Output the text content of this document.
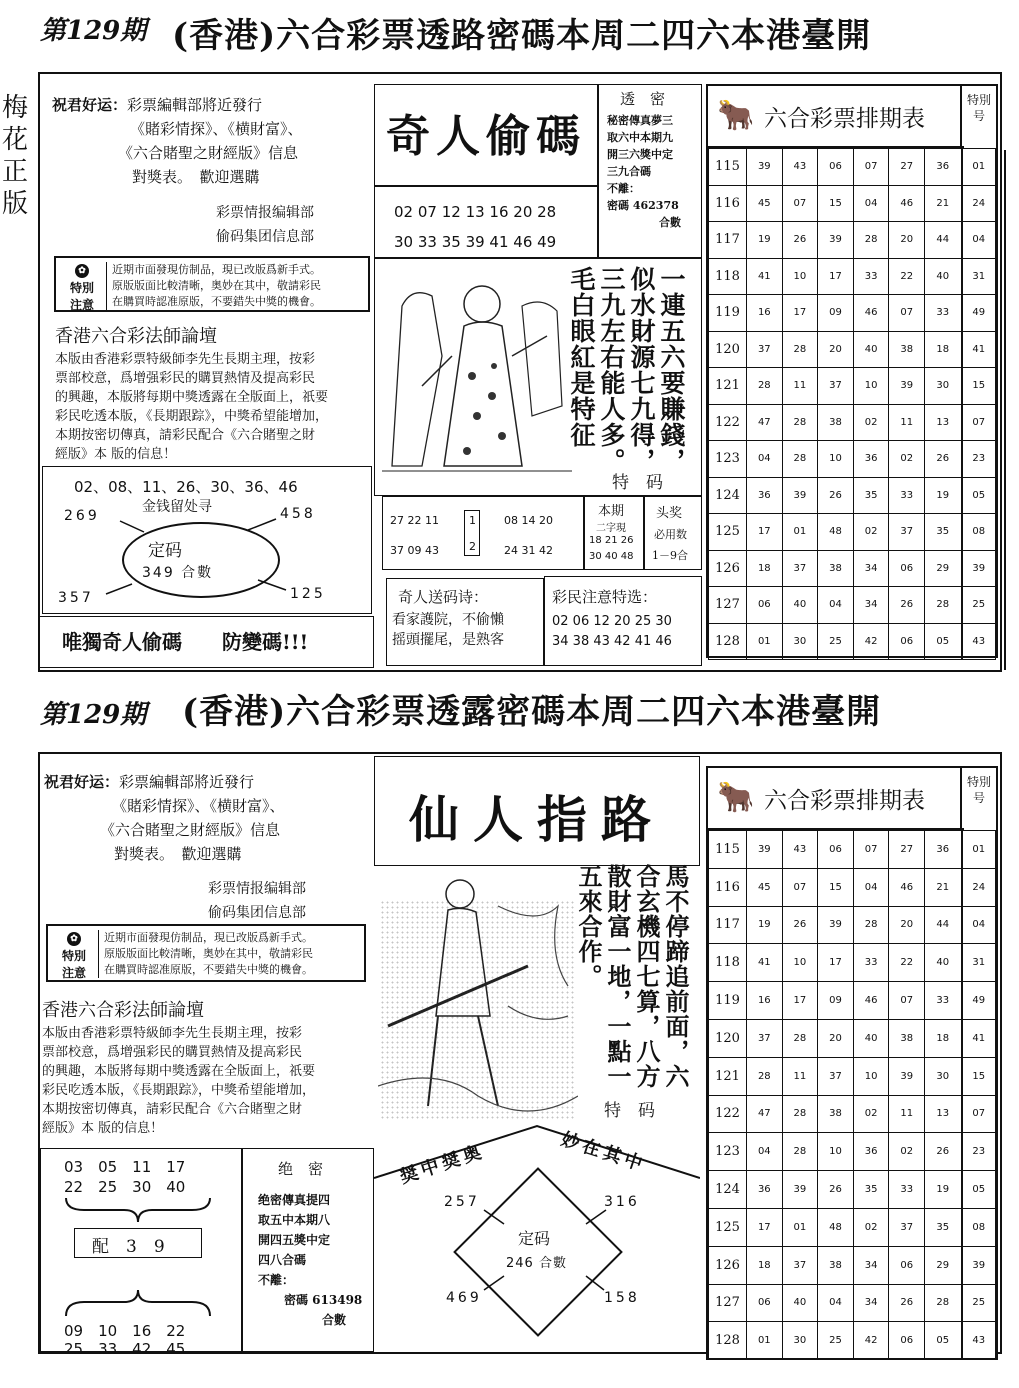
第129期 (香港)六合彩票透路密碼本周二四六本港臺開
梅
花
正
版
祝君好运：彩票編輯部將近發行
《賭彩情探》、《横財富》、
《六合賭聖之財經版》信息
對獎表。　歡迎選購
彩票情报编辑部
偷码集团信息部
✿
特別
注意
近期市面發現仿制品，現已改版爲新手式。
原版版面比較清晰，奥妙在其中，敬請彩民
在購買時認准原版，不要錯失中獎的機會。
香港六合彩法師論壇

本版由香港彩票特級師李先生長期主理，按彩
票部校意，爲增强彩民的購買熱情及提高彩民
的興趣，本版將每期中獎透露在全版面上，祇要
彩民吃透本版，《長期跟踪》，中獎希望能增加，
本期按密切傳真，請彩民配合《六合賭聖之財
經版》本 版的信息！

02、08、11、26、30、36、46
金钱留处寻
定码
349 合數
269	458
357	125
唯獨奇人偷碼　　防變碼!!!
奇人偷碼
02 07 12 13 16 20 28
30 33 35 39 41 46 49
透　密
秘密傳真夢三
取六中本期九
開三六獎中定
三九合碼
不離：
密碼 462378
合數
一連五六要賺錢，似水財源七九得，三九左右能人多。毛白眼紅是特征
特　码
27 22 11
37 09 43
1
2
08 14 20
24 31 42
本期
二字現
18 21 26
30 40 48
头奖
必用数
1－9合
奇人送码诗：
看家護院，不偷懶
摇頭擺尾，是熟客
彩民注意特选：
02 06 12 20 25 30
34 38 43 42 41 46
🐂 六合彩票排期表
特別号
115	39	43	06	07	27	36	01
116	45	07	15	04	46	21	24
117	19	26	39	28	20	44	04
118	41	10	17	33	22	40	31
119	16	17	09	46	07	33	49
120	37	28	20	40	38	18	41
121	28	11	37	10	39	30	15
122	47	28	38	02	11	13	07
123	04	28	10	36	02	26	23
124	36	39	26	35	33	19	05
125	17	01	48	02	37	35	08
126	18	37	38	34	06	29	39
127	06	40	04	34	26	28	25
128	01	30	25	42	06	05	43
第129期 (香港)六合彩票透露密碼本周二四六本港臺開
祝君好运：彩票編輯部將近發行
《賭彩情探》、《横財富》、
《六合賭聖之財經版》信息
對獎表。　歡迎選購
彩票情报编辑部
偷码集团信息部
✿
特別
注意
近期市面發現仿制品，現已改版爲新手式。
原版版面比較清晰，奥妙在其中，敬請彩民
在購買時認准原版，不要錯失中獎的機會。
香港六合彩法師論壇

本版由香港彩票特級師李先生長期主理，按彩
票部校意，爲增强彩民的購買熱情及提高彩民
的興趣，本版將每期中獎透露在全版面上，祇要
彩民吃透本版，《長期跟踪》，中獎希望能增加，
本期按密切傳真，請彩民配合《六合賭聖之財
經版》本 版的信息！

03　05　11　17
22　25　30　40
配　3　9
09　10　16　22
25　33　42　45
绝　密
绝密傳真提四
取五中本期八
開四五獎中定
四八合碼
不離：
密碼 613498
合數
仙人指路
馬不停蹄追前面，六合玄機四七算，八方散財富一地，一點一五來合作。
特　码
奨中奨奥	妙在其中
定码
246 合數
257	316
469	158
🐂 六合彩票排期表
特別号
115	39	43	06	07	27	36	01
116	45	07	15	04	46	21	24
117	19	26	39	28	20	44	04
118	41	10	17	33	22	40	31
119	16	17	09	46	07	33	49
120	37	28	20	40	38	18	41
121	28	11	37	10	39	30	15
122	47	28	38	02	11	13	07
123	04	28	10	36	02	26	23
124	36	39	26	35	33	19	05
125	17	01	48	02	37	35	08
126	18	37	38	34	06	29	39
127	06	40	04	34	26	28	25
128	01	30	25	42	06	05	43
